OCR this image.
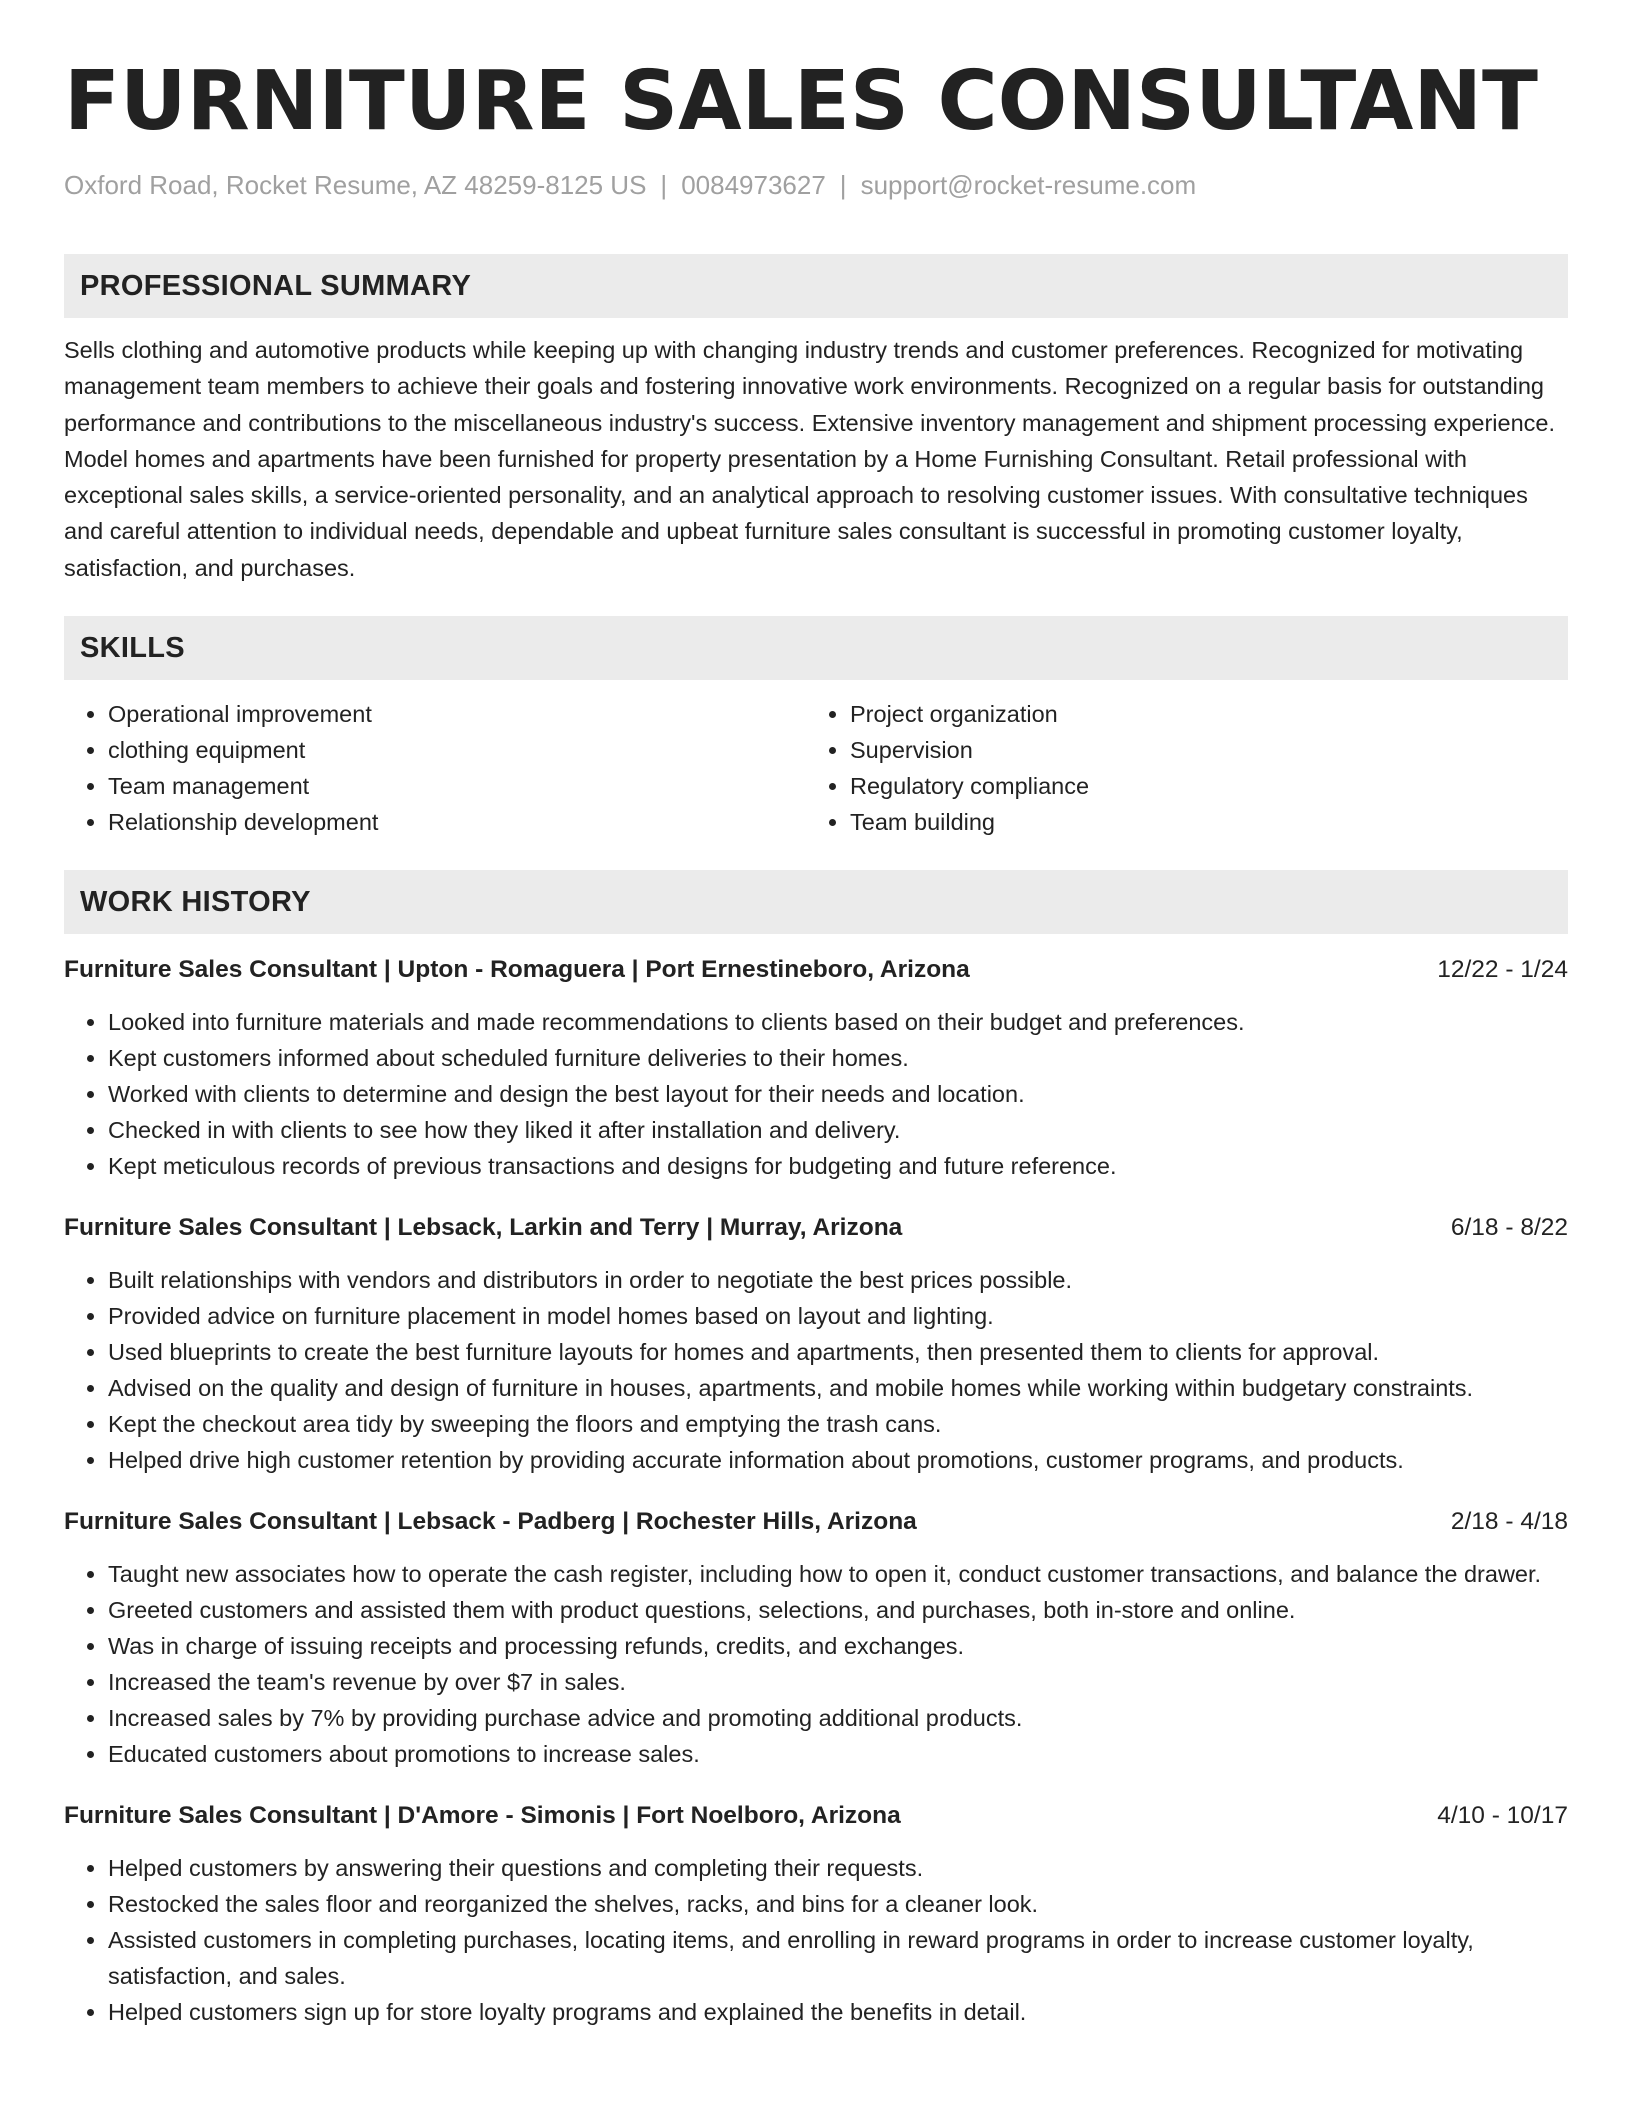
FURNITURE SALES CONSULTANT
Oxford Road, Rocket Resume, AZ 48259-8125 US | 0084973627 | support@rocket-resume.com
PROFESSIONAL SUMMARY
Sells clothing and automotive products while keeping up with changing industry trends and customer preferences. Recognized for motivating management team members to achieve their goals and fostering innovative work environments. Recognized on a regular basis for outstanding performance and contributions to the miscellaneous industry's success. Extensive inventory management and shipment processing experience. Model homes and apartments have been furnished for property presentation by a Home Furnishing Consultant. Retail professional with exceptional sales skills, a service-oriented personality, and an analytical approach to resolving customer issues. With consultative techniques and careful attention to individual needs, dependable and upbeat furniture sales consultant is successful in promoting customer loyalty, satisfaction, and purchases.
SKILLS
• Operational improvement
• clothing equipment
• Team management
• Relationship development
• Project organization
• Supervision
• Regulatory compliance
• Team building
WORK HISTORY
Furniture Sales Consultant | Upton - Romaguera | Port Ernestineboro, Arizona	12/22 - 1/24
• Looked into furniture materials and made recommendations to clients based on their budget and preferences.
• Kept customers informed about scheduled furniture deliveries to their homes.
• Worked with clients to determine and design the best layout for their needs and location.
• Checked in with clients to see how they liked it after installation and delivery.
• Kept meticulous records of previous transactions and designs for budgeting and future reference.
Furniture Sales Consultant | Lebsack, Larkin and Terry | Murray, Arizona	6/18 - 8/22
• Built relationships with vendors and distributors in order to negotiate the best prices possible.
• Provided advice on furniture placement in model homes based on layout and lighting.
• Used blueprints to create the best furniture layouts for homes and apartments, then presented them to clients for approval.
• Advised on the quality and design of furniture in houses, apartments, and mobile homes while working within budgetary constraints.
• Kept the checkout area tidy by sweeping the floors and emptying the trash cans.
• Helped drive high customer retention by providing accurate information about promotions, customer programs, and products.
Furniture Sales Consultant | Lebsack - Padberg | Rochester Hills, Arizona	2/18 - 4/18
• Taught new associates how to operate the cash register, including how to open it, conduct customer transactions, and balance the drawer.
• Greeted customers and assisted them with product questions, selections, and purchases, both in-store and online.
• Was in charge of issuing receipts and processing refunds, credits, and exchanges.
• Increased the team's revenue by over $7 in sales.
• Increased sales by 7% by providing purchase advice and promoting additional products.
• Educated customers about promotions to increase sales.
Furniture Sales Consultant | D'Amore - Simonis | Fort Noelboro, Arizona	4/10 - 10/17
• Helped customers by answering their questions and completing their requests.
• Restocked the sales floor and reorganized the shelves, racks, and bins for a cleaner look.
• Assisted customers in completing purchases, locating items, and enrolling in reward programs in order to increase customer loyalty, satisfaction, and sales.
• Helped customers sign up for store loyalty programs and explained the benefits in detail.
